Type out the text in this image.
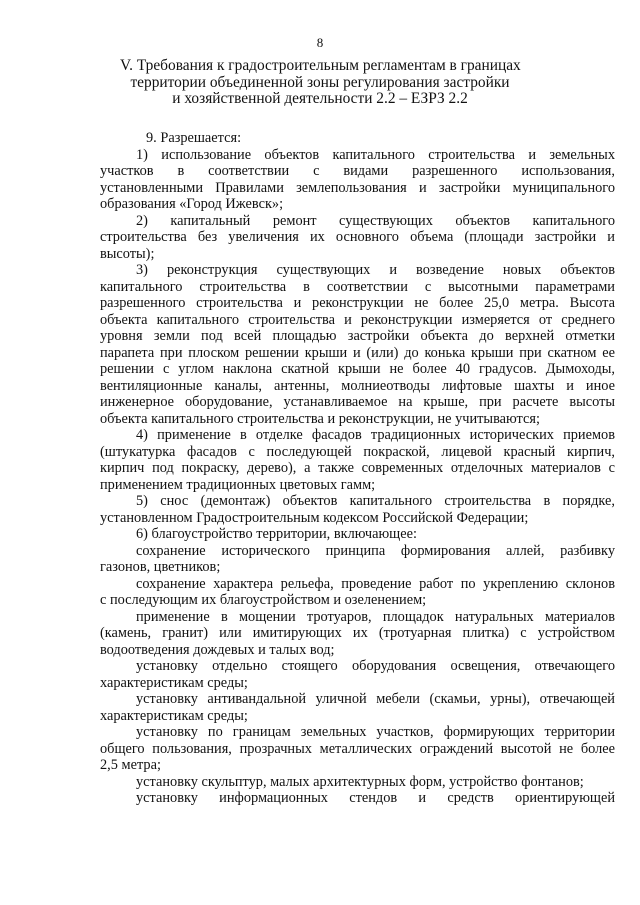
8
V. Требования к градостроительным регламентам в границах
территории объединенной зоны регулирования застройки
и хозяйственной деятельности 2.2 – ЕЗРЗ 2.2
9. Разрешается:
1) использование объектов капитального строительства и земельных
участков в соответствии с видами разрешенного использования,
установленными Правилами землепользования и застройки муниципального
образования «Город Ижевск»;
2) капитальный ремонт существующих объектов капитального
строительства без увеличения их основного объема (площади застройки и
высоты);
3) реконструкция существующих и возведение новых объектов
капитального строительства в соответствии с высотными параметрами
разрешенного строительства и реконструкции не более 25,0 метра. Высота
объекта капитального строительства и реконструкции измеряется от среднего
уровня земли под всей площадью застройки объекта до верхней отметки
парапета при плоском решении крыши и (или) до конька крыши при скатном ее
решении с углом наклона скатной крыши не более 40 градусов. Дымоходы,
вентиляционные каналы, антенны, молниеотводы лифтовые шахты и иное
инженерное оборудование, устанавливаемое на крыше, при расчете высоты
объекта капитального строительства и реконструкции, не учитываются;
4) применение в отделке фасадов традиционных исторических приемов
(штукатурка фасадов с последующей покраской, лицевой красный кирпич,
кирпич под покраску, дерево), а также современных отделочных материалов с
применением традиционных цветовых гамм;
5) снос (демонтаж) объектов капитального строительства в порядке,
установленном Градостроительным кодексом Российской Федерации;
6) благоустройство территории, включающее:
сохранение исторического принципа формирования аллей, разбивку
газонов, цветников;
сохранение характера рельефа, проведение работ по укреплению склонов
с последующим их благоустройством и озеленением;
применение в мощении тротуаров, площадок натуральных материалов
(камень, гранит) или имитирующих их (тротуарная плитка) с устройством
водоотведения дождевых и талых вод;
установку отдельно стоящего оборудования освещения, отвечающего
характеристикам среды;
установку антивандальной уличной мебели (скамьи, урны), отвечающей
характеристикам среды;
установку по границам земельных участков, формирующих территории
общего пользования, прозрачных металлических ограждений высотой не более
2,5 метра;
установку скульптур, малых архитектурных форм, устройство фонтанов;
установку информационных стендов и средств ориентирующей
